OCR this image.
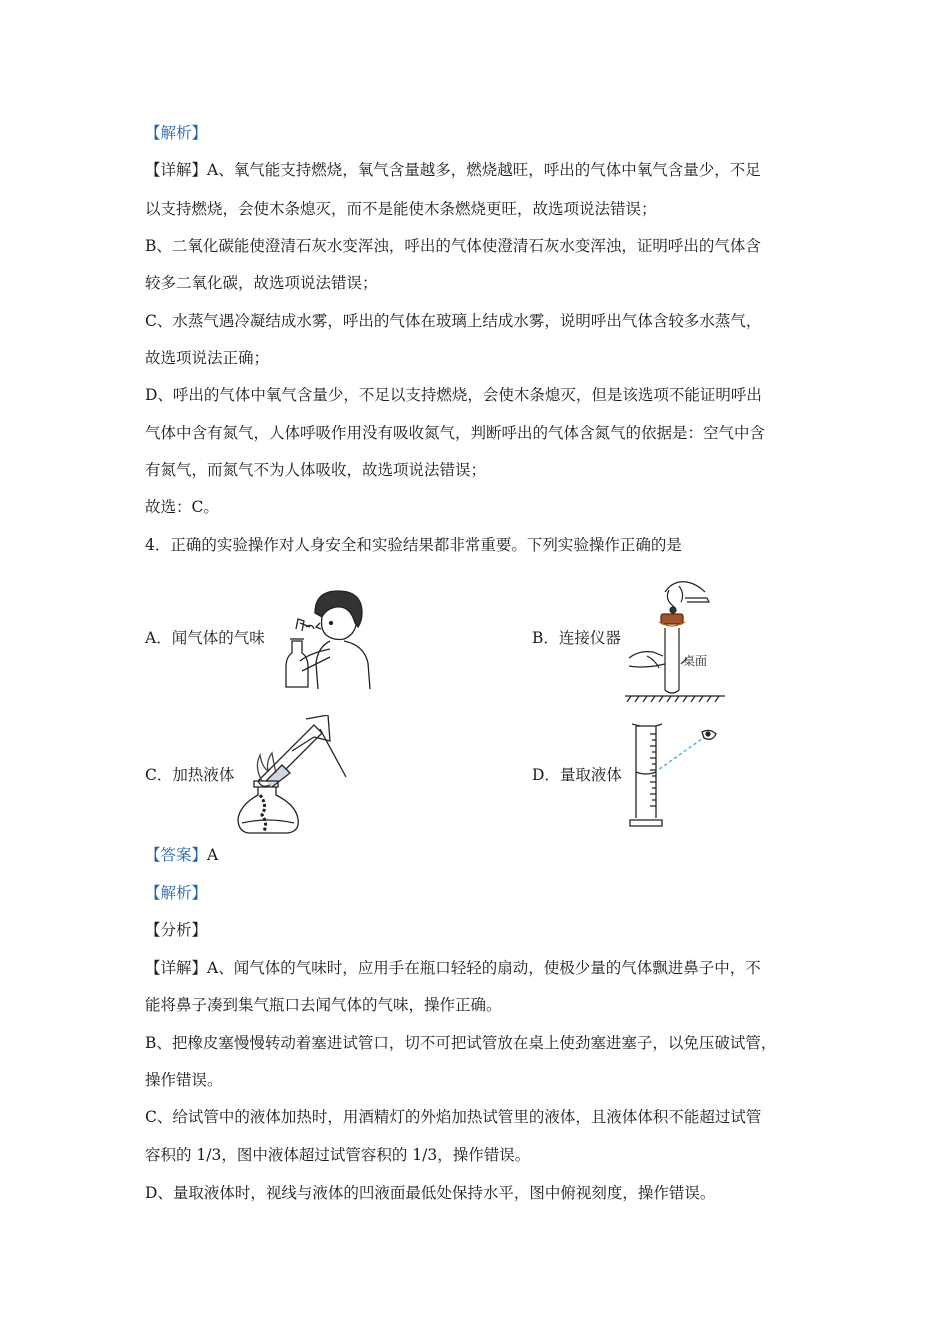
【解析】
【详解】A、氧气能支持燃烧，氧气含量越多，燃烧越旺，呼出的气体中氧气含量少，不足
以支持燃烧，会使木条熄灭，而不是能使木条燃烧更旺，故选项说法错误；
B、二氧化碳能使澄清石灰水变浑浊，呼出的气体使澄清石灰水变浑浊，证明呼出的气体含
较多二氧化碳，故选项说法错误；
C、水蒸气遇冷凝结成水雾，呼出的气体在玻璃上结成水雾，说明呼出气体含较多水蒸气，
故选项说法正确；
D、呼出的气体中氧气含量少，不足以支持燃烧，会使木条熄灭，但是该选项不能证明呼出
气体中含有氮气，人体呼吸作用没有吸收氮气，判断呼出的气体含氮气的依据是：空气中含
有氮气，而氮气不为人体吸收，故选项说法错误；
故选：C。
4．正确的实验操作对人身安全和实验结果都非常重要。下列实验操作正确的是
A．闻气体的气味	B．连接仪器
C．加热液体	D．量取液体
桌面
【答案】A
【解析】
【分析】
【详解】A、闻气体的气味时，应用手在瓶口轻轻的扇动，使极少量的气体飘进鼻子中，不
能将鼻子凑到集气瓶口去闻气体的气味，操作正确。
B、把橡皮塞慢慢转动着塞进试管口，切不可把试管放在桌上使劲塞进塞子，以免压破试管，
操作错误。
C、给试管中的液体加热时，用酒精灯的外焰加热试管里的液体，且液体体积不能超过试管
容积的 1/3，图中液体超过试管容积的 1/3，操作错误。
D、量取液体时，视线与液体的凹液面最低处保持水平，图中俯视刻度，操作错误。
